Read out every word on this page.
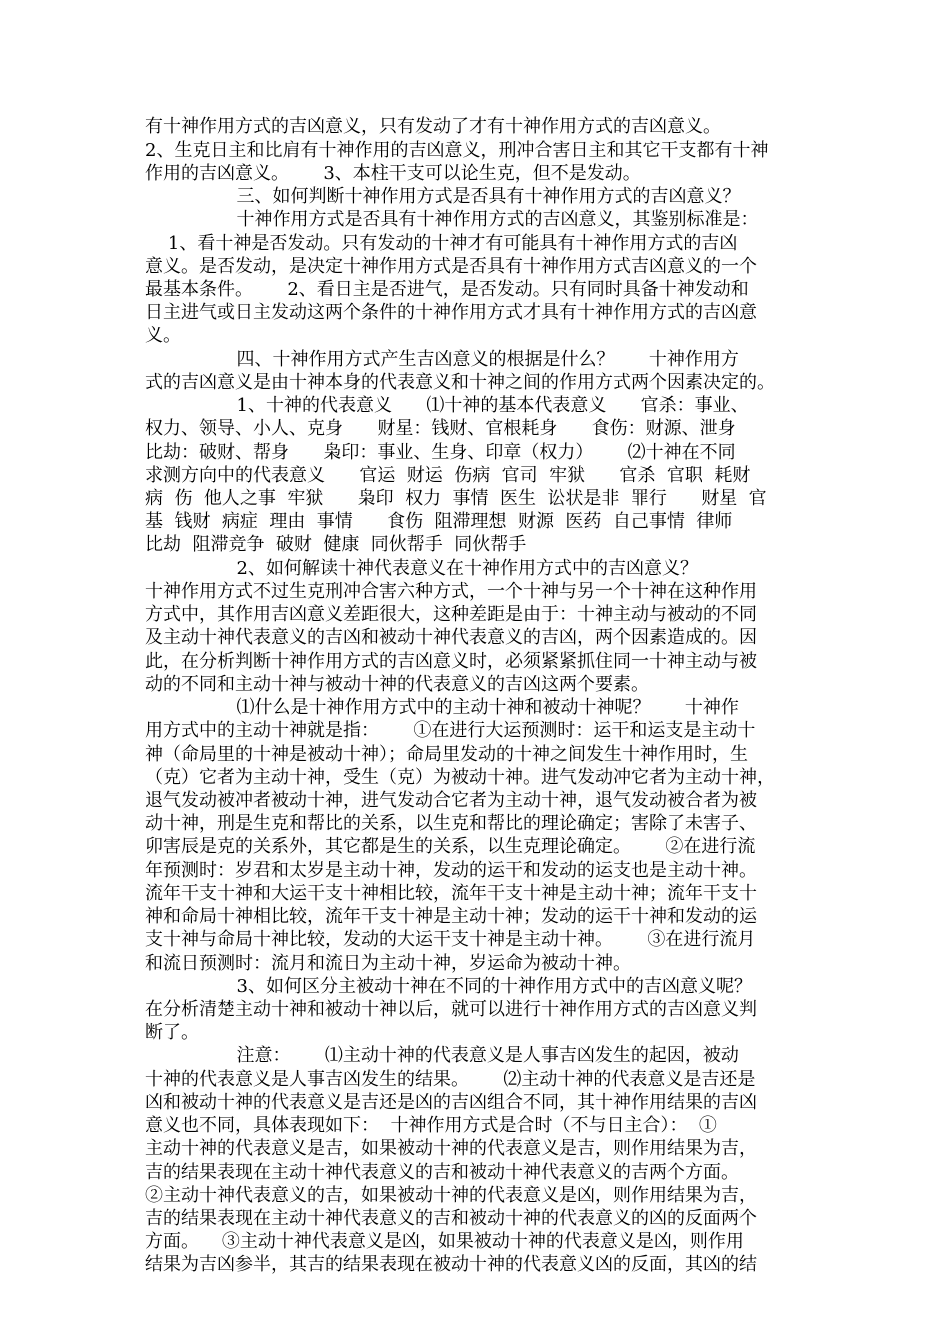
有十神作用方式的吉凶意义，只有发动了才有十神作用方式的吉凶意义。
2、生克日主和比肩有十神作用的吉凶意义，刑冲合害日主和其它干支都有十神
作用的吉凶意义。      3、本柱干支可以论生克，但不是发动。
三、如何判断十神作用方式是否具有十神作用方式的吉凶意义？
十神作用方式是否具有十神作用方式的吉凶意义，其鉴别标准是：
1、看十神是否发动。只有发动的十神才有可能具有十神作用方式的吉凶
意义。是否发动，是决定十神作用方式是否具有十神作用方式吉凶意义的一个
最基本条件。      2、看日主是否进气，是否发动。只有同时具备十神发动和
日主进气或日主发动这两个条件的十神作用方式才具有十神作用方式的吉凶意
义。
四、十神作用方式产生吉凶意义的根据是什么？      十神作用方
式的吉凶意义是由十神本身的代表意义和十神之间的作用方式两个因素决定的。
1、十神的代表意义      ⑴十神的基本代表意义      官杀：事业、
权力、领导、小人、克身      财星：钱财、官根耗身      食伤：财源、泄身
比劫：破财、帮身      枭印：事业、生身、印章（权力）      ⑵十神在不同
求测方向中的代表意义      官运  财运  伤病  官司  牢狱      官杀  官职  耗财
病  伤  他人之事  牢狱      枭印  权力  事情  医生  讼状是非  罪行      财星  官
基  钱财  病症  理由  事情      食伤  阻滞理想  财源  医药  自己事情  律师
比劫  阻滞竞争  破财  健康  同伙帮手  同伙帮手
2、如何解读十神代表意义在十神作用方式中的吉凶意义？
十神作用方式不过生克刑冲合害六种方式，一个十神与另一个十神在这种作用
方式中，其作用吉凶意义差距很大，这种差距是由于：十神主动与被动的不同
及主动十神代表意义的吉凶和被动十神代表意义的吉凶，两个因素造成的。因
此，在分析判断十神作用方式的吉凶意义时，必须紧紧抓住同一十神主动与被
动的不同和主动十神与被动十神的代表意义的吉凶这两个要素。
⑴什么是十神作用方式中的主动十神和被动十神呢？      十神作
用方式中的主动十神就是指：      ①在进行大运预测时：运干和运支是主动十
神（命局里的十神是被动十神）；命局里发动的十神之间发生十神作用时，生
（克）它者为主动十神，受生（克）为被动十神。进气发动冲它者为主动十神，
退气发动被冲者被动十神，进气发动合它者为主动十神，退气发动被合者为被
动十神，刑是生克和帮比的关系，以生克和帮比的理论确定；害除了未害子、
卯害辰是克的关系外，其它都是生的关系，以生克理论确定。      ②在进行流
年预测时：岁君和太岁是主动十神，发动的运干和发动的运支也是主动十神。
流年干支十神和大运干支十神相比较，流年干支十神是主动十神；流年干支十
神和命局十神相比较，流年干支十神是主动十神；发动的运干十神和发动的运
支十神与命局十神比较，发动的大运干支十神是主动十神。      ③在进行流月
和流日预测时：流月和流日为主动十神，岁运命为被动十神。
3、如何区分主被动十神在不同的十神作用方式中的吉凶意义呢？
在分析清楚主动十神和被动十神以后，就可以进行十神作用方式的吉凶意义判
断了。
注意：      ⑴主动十神的代表意义是人事吉凶发生的起因，被动
十神的代表意义是人事吉凶发生的结果。      ⑵主动十神的代表意义是吉还是
凶和被动十神的代表意义是吉还是凶的吉凶组合不同，其十神作用结果的吉凶
意义也不同，具体表现如下：  十神作用方式是合时（不与日主合）：  ①
主动十神的代表意义是吉，如果被动十神的代表意义是吉，则作用结果为吉，
吉的结果表现在主动十神代表意义的吉和被动十神代表意义的吉两个方面。
②主动十神代表意义的吉，如果被动十神的代表意义是凶，则作用结果为吉，
吉的结果表现在主动十神代表意义的吉和被动十神的代表意义的凶的反面两个
方面。    ③主动十神代表意义是凶，如果被动十神的代表意义是凶，则作用
结果为吉凶参半，其吉的结果表现在被动十神的代表意义凶的反面，其凶的结
